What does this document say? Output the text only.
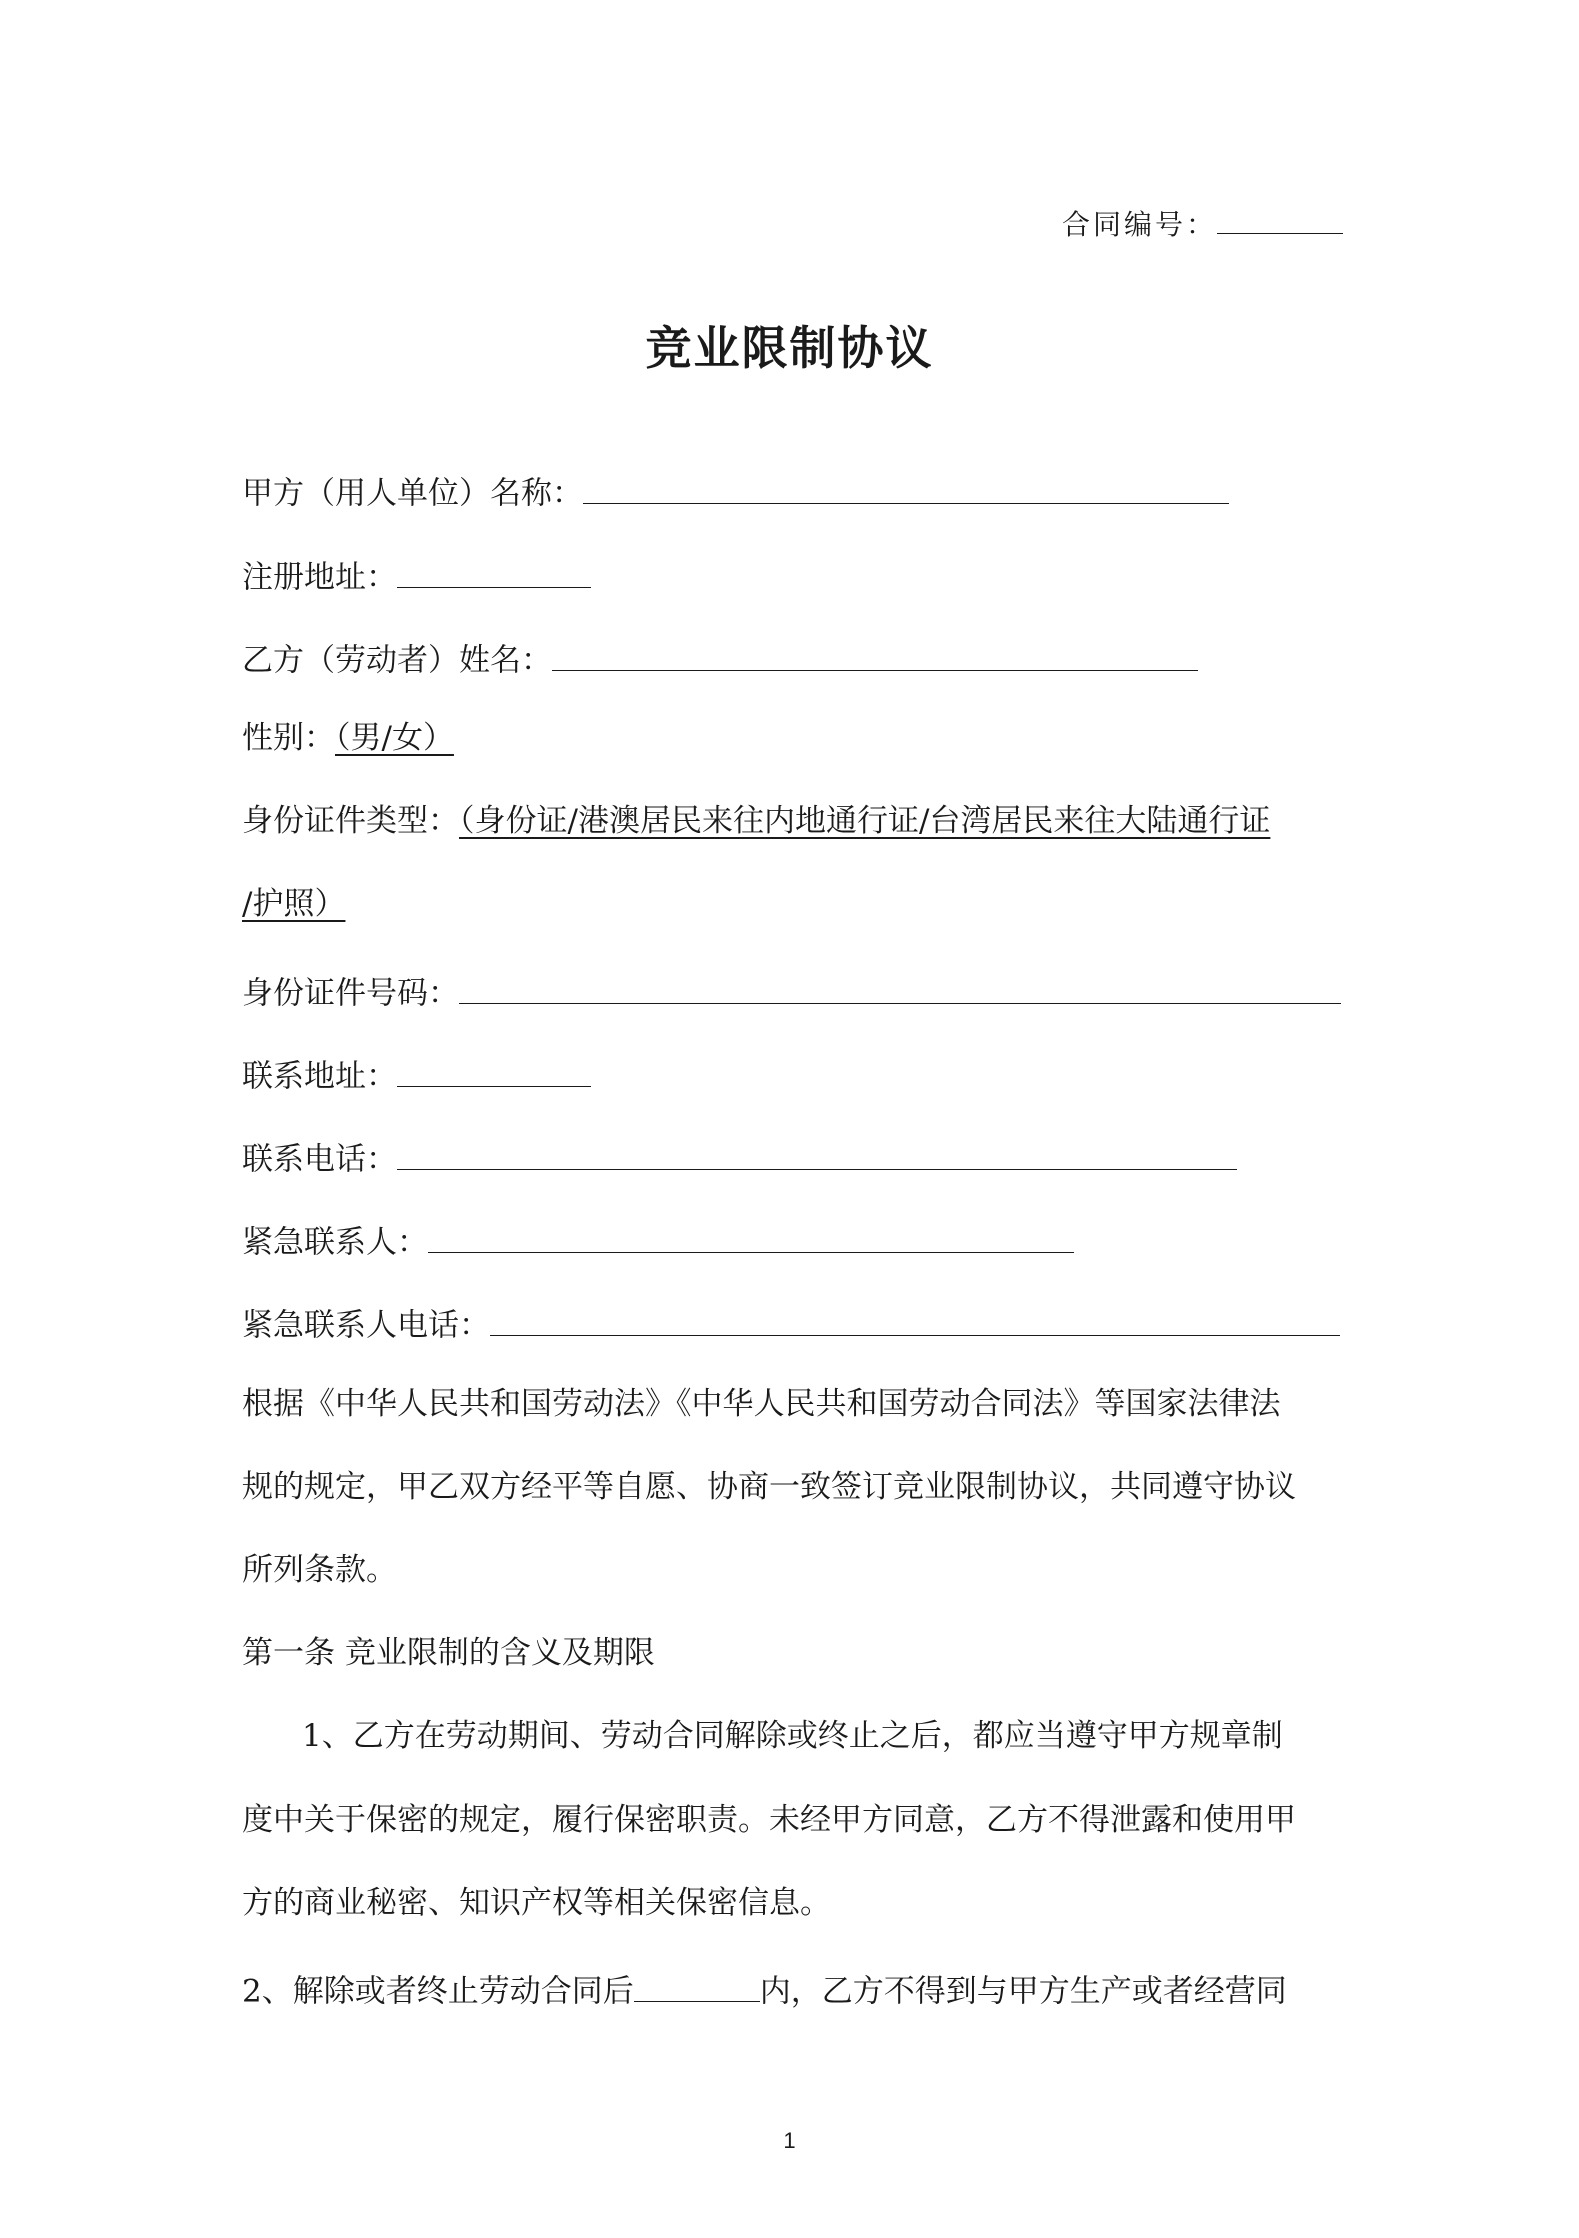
合同编号：
竞业限制协议
甲方（用人单位）名称：
注册地址：
乙方（劳动者）姓名：
性别：（男/女）
身份证件类型：（身份证/港澳居民来往内地通行证/台湾居民来往大陆通行证
/护照）
身份证件号码：
联系地址：
联系电话：
紧急联系人：
紧急联系人电话：
根据《中华人民共和国劳动法》《中华人民共和国劳动合同法》等国家法律法
规的规定，甲乙双方经平等自愿、协商一致签订竞业限制协议，共同遵守协议
所列条款。
第一条 竞业限制的含义及期限
1、乙方在劳动期间、劳动合同解除或终止之后，都应当遵守甲方规章制
度中关于保密的规定，履行保密职责。未经甲方同意，乙方不得泄露和使用甲
方的商业秘密、知识产权等相关保密信息。
2、解除或者终止劳动合同后	内，乙方不得到与甲方生产或者经营同
1
